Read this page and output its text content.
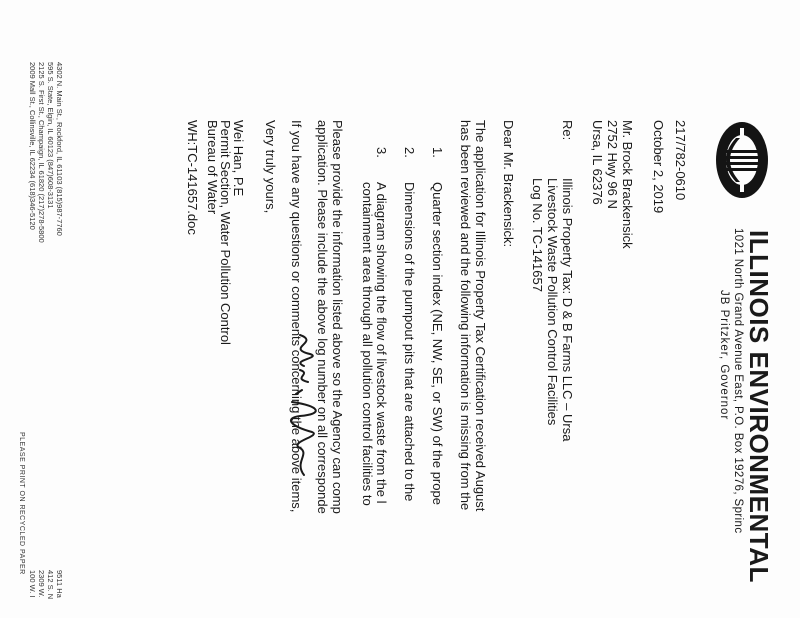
ILLINOIS ENVIRONMENTAL
1021 North Grand Avenue East, P.O. Box 19276, Sprinc
JB Pritzker, Governor
217/782-0610
October 2, 2019
Mr. Brock Brackensick
2752 Hwy 96 N
Ursa, IL 62376
Re:
Illinois Property Tax: D & B Farms LLC – Ursa
Livestock Waste Pollution Control Facilities
Log No. TC-141657
Dear Mr. Brackensick:
The application for Illinois Property Tax Certification received August
has been reviewed and the following information is missing from the
1.
Quarter section index (NE, NW, SE, or SW) of the prope
2.
Dimensions of the pumpout pits that are attached to the
3.
A diagram showing the flow of livestock waste from the l
containment area through all pollution control facilities to
Please provide the information listed above so the Agency can comp
application. Please include the above log number on all corresponde
If you have any questions or comments concerning the above items,
Very truly yours,
Wei Han, P.E
Permit Section, Water Pollution Control
Bureau of Water
WH:TC-141657.doc
4302 N. Main St., Rockford, IL 61103 (815)987-7760
595 S. State, Elgin, IL 60123 (847)608-3131
2125 S. First St., Champaign, IL 61820 (217)278-5800
2009 Mall St., Collinsville, IL 62234 (618)346-5120
9511 Ha
412 S. N
2309 W.
100 W. I
PLEASE PRINT ON RECYCLED PAPER
